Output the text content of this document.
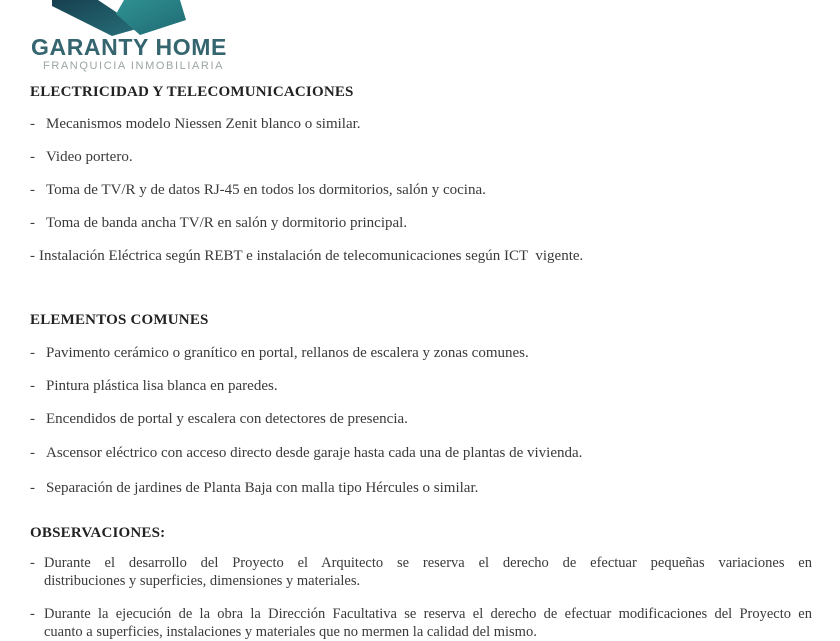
GARANTY HOME
FRANQUICIA INMOBILIARIA
ELECTRICIDAD Y TELECOMUNICACIONES
- Mecanismos modelo Niessen Zenit blanco o similar.
- Video portero.
- Toma de TV/R y de datos RJ-45 en todos los dormitorios, salón y cocina.
- Toma de banda ancha TV/R en salón y dormitorio principal.
- Instalación Eléctrica según REBT e instalación de telecomunicaciones según ICT  vigente.
ELEMENTOS COMUNES
- Pavimento cerámico o granítico en portal, rellanos de escalera y zonas comunes.
- Pintura plástica lisa blanca en paredes.
- Encendidos de portal y escalera con detectores de presencia.
- Ascensor eléctrico con acceso directo desde garaje hasta cada una de plantas de vivienda.
- Separación de jardines de Planta Baja con malla tipo Hércules o similar.
OBSERVACIONES:
- Durante el desarrollo del Proyecto el Arquitecto se reserva el derecho de efectuar pequeñas variaciones en
distribuciones y superficies, dimensiones y materiales.
- Durante la ejecución de la obra la Dirección Facultativa se reserva el derecho de efectuar modificaciones del Proyecto en
cuanto a superficies, instalaciones y materiales que no mermen la calidad del mismo.
